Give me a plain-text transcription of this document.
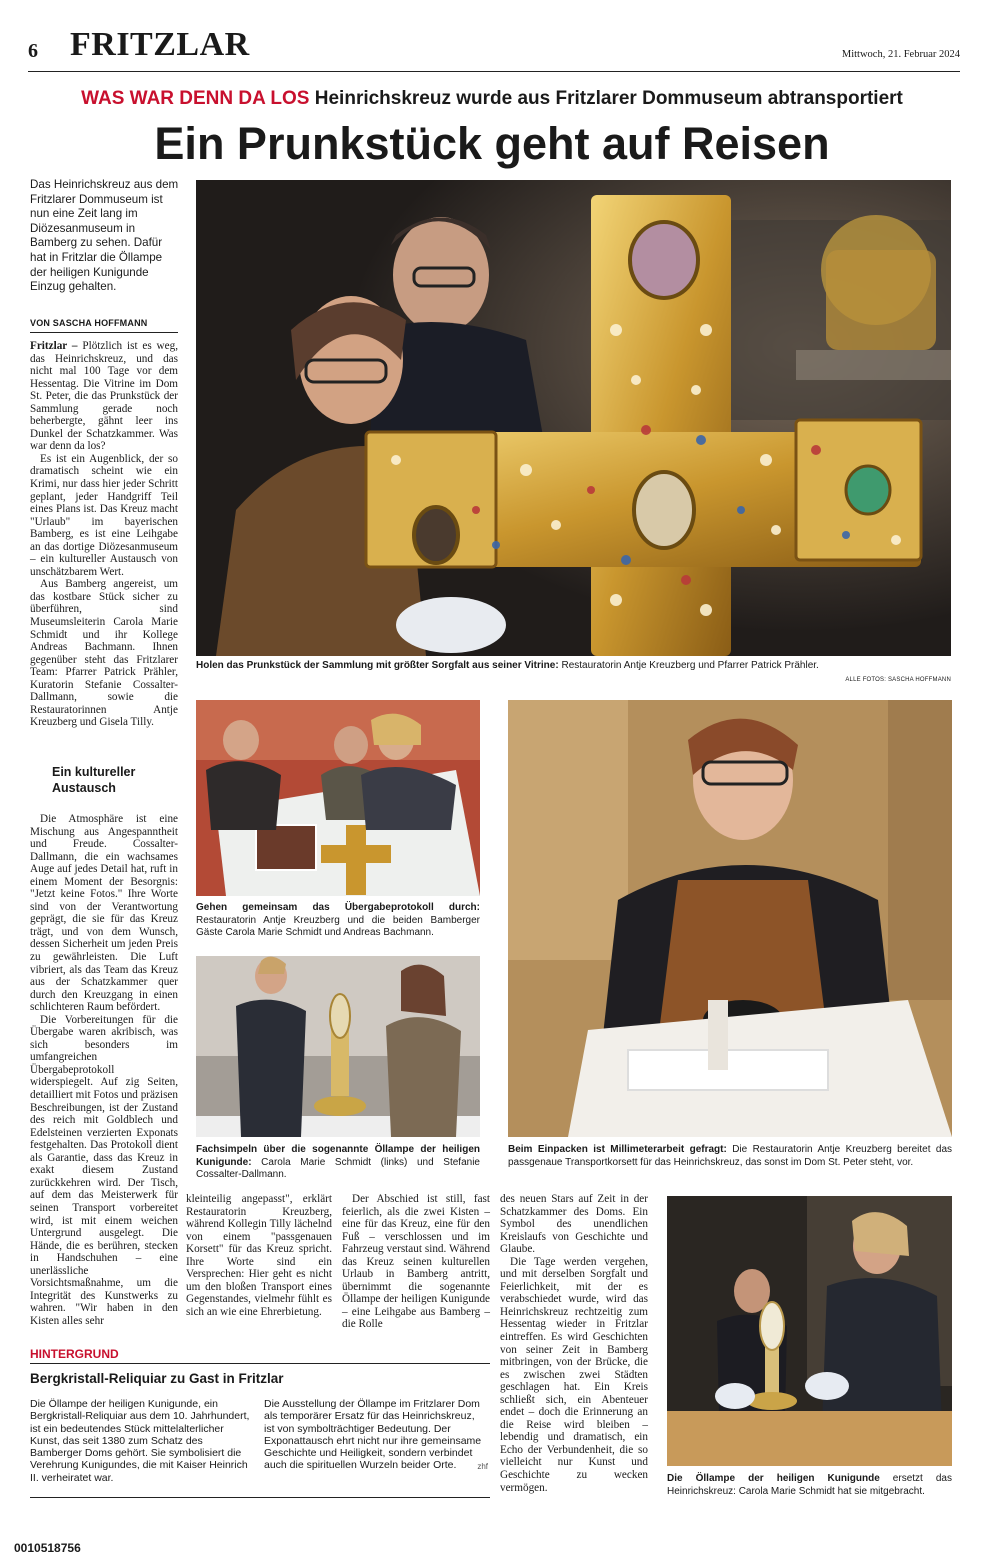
6 FRITZLAR	Mittwoch, 21. Februar 2024
WAS WAR DENN DA LOS Heinrichskreuz wurde aus Fritzlarer Dommuseum abtransportiert
Ein Prunkstück geht auf Reisen

Das Heinrichskreuz aus dem Fritzlarer Dommuseum ist nun eine Zeit lang im Diözesanmuseum in Bamberg zu sehen. Dafür hat in Fritzlar die Öllampe der heiligen Kunigunde Einzug gehalten.

VON SASCHA HOFFMANN

Fritzlar – Plötzlich ist es weg, das Heinrichskreuz, und das nicht mal 100 Tage vor dem Hessentag. Die Vitrine im Dom St. Peter, die das Prunkstück der Sammlung gerade noch beherbergte, gähnt leer ins Dunkel der Schatzkammer. Was war denn da los?

Es ist ein Augenblick, der so dramatisch scheint wie ein Krimi, nur dass hier jeder Schritt geplant, jeder Handgriff Teil eines Plans ist. Das Kreuz macht "Urlaub" im bayerischen Bamberg, es ist eine Leihgabe an das dortige Diözesanmuseum – ein kultureller Austausch von unschätzbarem Wert.

Aus Bamberg angereist, um das kostbare Stück sicher zu überführen, sind Museumsleiterin Carola Marie Schmidt und ihr Kollege Andreas Bachmann. Ihnen gegenüber steht das Fritzlarer Team: Pfarrer Patrick Prähler, Kuratorin Stefanie Cossalter-Dallmann, sowie die Restauratorinnen Antje Kreuzberg und Gisela Tilly.

Ein kultureller Austausch

Die Atmosphäre ist eine Mischung aus Angespanntheit und Freude. Cossalter-Dallmann, die ein wachsames Auge auf jedes Detail hat, ruft in einem Moment der Besorgnis: "Jetzt keine Fotos." Ihre Worte sind von der Verantwortung geprägt, die sie für das Kreuz trägt, und von dem Wunsch, dessen Sicherheit um jeden Preis zu gewährleisten. Die Luft vibriert, als das Team das Kreuz aus der Schatzkammer quer durch den Kreuzgang in einen schlichteren Raum befördert.

Die Vorbereitungen für die Übergabe waren akribisch, was sich besonders im umfangreichen Übergabeprotokoll widerspiegelt. Auf zig Seiten, detailliert mit Fotos und präzisen Beschreibungen, ist der Zustand des reich mit Goldblech und Edelsteinen verzierten Exponats festgehalten. Das Protokoll dient als Garantie, dass das Kreuz in exakt diesem Zustand zurückkehren wird. Der Tisch, auf dem das Meisterwerk für seinen Transport vorbereitet wird, ist mit einem weichen Untergrund ausgelegt. Die Hände, die es berühren, stecken in Handschuhen – eine unerlässliche Vorsichtsmaßnahme, um die Integrität des Kunstwerks zu wahren. "Wir haben in den Kisten alles sehr

Holen das Prunkstück der Sammlung mit größter Sorgfalt aus seiner Vitrine: Restauratorin Antje Kreuzberg und Pfarrer Patrick Prähler.
ALLE FOTOS: SASCHA HOFFMANN
Gehen gemeinsam das Übergabeprotokoll durch: Restauratorin Antje Kreuzberg und die beiden Bamberger Gäste Carola Marie Schmidt und Andreas Bachmann.
Fachsimpeln über die sogenannte Öllampe der heiligen Kunigunde: Carola Marie Schmidt (links) und Stefanie Cossalter-Dallmann.
Beim Einpacken ist Millimeterarbeit gefragt: Die Restauratorin Antje Kreuzberg bereitet das passgenaue Transportkorsett für das Heinrichskreuz, das sonst im Dom St. Peter steht, vor.

kleinteilig angepasst", erklärt Restauratorin Kreuzberg, während Kollegin Tilly lächelnd von einem "passgenauen Korsett" für das Kreuz spricht. Ihre Worte sind ein Versprechen: Hier geht es nicht um den bloßen Transport eines Gegenstandes, vielmehr fühlt es sich an wie eine Ehrerbietung.

Der Abschied ist still, fast feierlich, als die zwei Kisten – eine für das Kreuz, eine für den Fuß – verschlossen und im Fahrzeug verstaut sind. Während das Kreuz seinen kulturellen Urlaub in Bamberg antritt, übernimmt die sogenannte Öllampe der heiligen Kunigunde – eine Leihgabe aus Bamberg – die Rolle

des neuen Stars auf Zeit in der Schatzkammer des Doms. Ein Symbol des unendlichen Kreislaufs von Geschichte und Glaube.

Die Tage werden vergehen, und mit derselben Sorgfalt und Feierlichkeit, mit der es verabschiedet wurde, wird das Heinrichskreuz rechtzeitig zum Hessentag wieder in Fritzlar eintreffen. Es wird Geschichten von seiner Zeit in Bamberg mitbringen, von der Brücke, die es zwischen zwei Städten geschlagen hat. Ein Kreis schließt sich, ein Abenteuer endet – doch die Erinnerung an die Reise wird bleiben – lebendig und dramatisch, ein Echo der Verbundenheit, die so vielleicht nur Kunst und Geschichte zu wecken vermögen.

Die Öllampe der heiligen Kunigunde ersetzt das Heinrichskreuz: Carola Marie Schmidt hat sie mitgebracht.
HINTERGRUND
Bergkristall-Reliquiar zu Gast in Fritzlar
Die Öllampe der heiligen Kunigunde, ein Bergkristall-Reliquiar aus dem 10. Jahrhundert, ist ein bedeutendes Stück mittelalterlicher Kunst, das seit 1380 zum Schatz des Bamberger Doms gehört. Sie symbolisiert die Verehrung Kunigundes, die mit Kaiser Heinrich II. verheiratet war.
Die Ausstellung der Öllampe im Fritzlarer Dom als temporärer Ersatz für das Heinrichskreuz, ist von symbolträchtiger Bedeutung. Der Exponattausch ehrt nicht nur ihre gemeinsame Geschichte und Heiligkeit, sondern verbindet auch die spirituellen Wurzeln beider Orte.	zhf
0010518756
